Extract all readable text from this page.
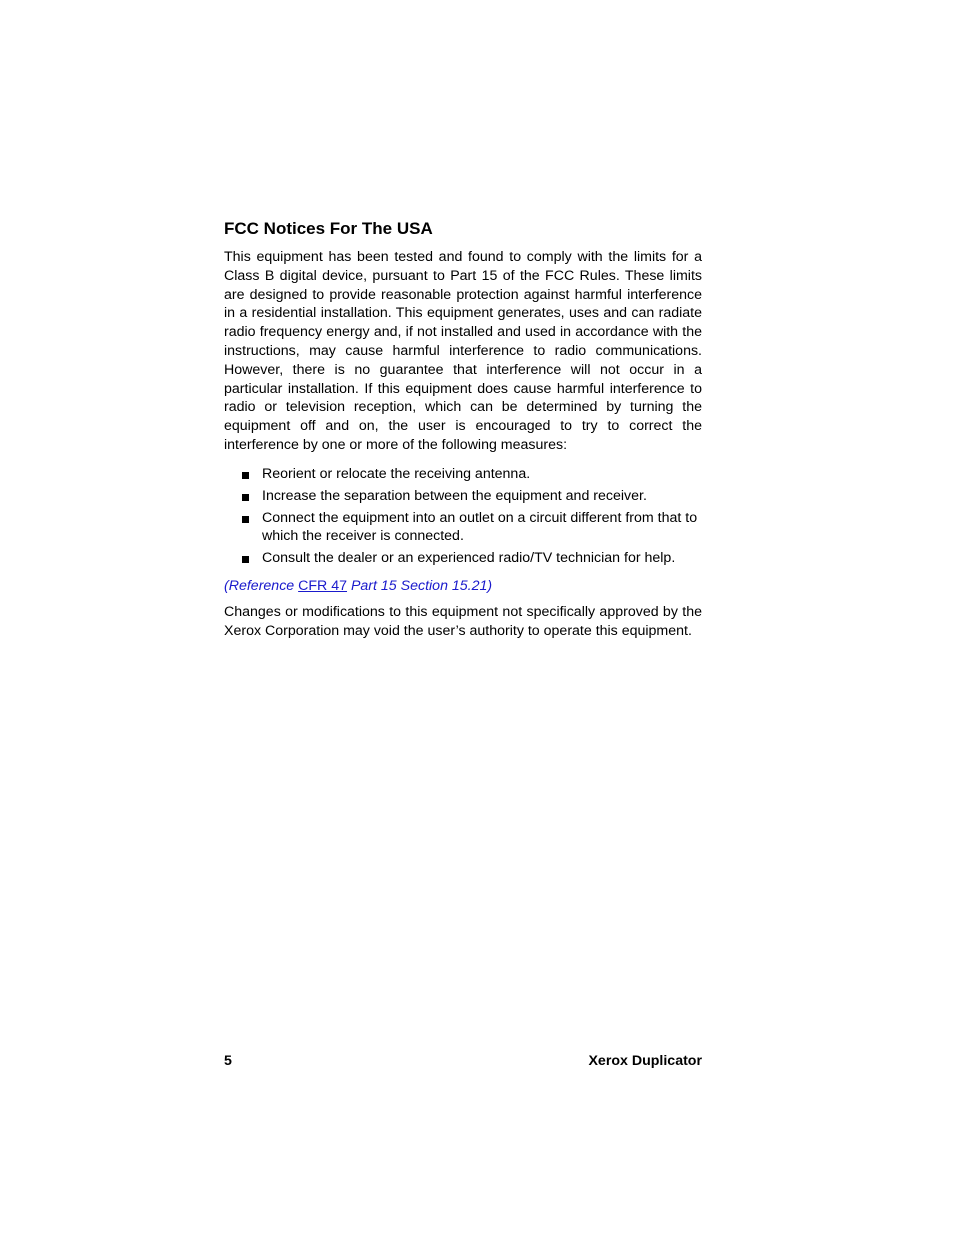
FCC Notices For The USA

This equipment has been tested and found to comply with the limits for a Class B digital device, pursuant to Part 15 of the FCC Rules. These limits are designed to provide reasonable protection against harmful interference in a residential installation. This equipment generates, uses and can radiate radio frequency energy and, if not installed and used in accordance with the instructions, may cause harmful interference to radio communications. However, there is no guarantee that interference will not occur in a particular installation. If this equipment does cause harmful interference to radio or television reception, which can be determined by turning the equipment off and on, the user is encouraged to try to correct the interference by one or more of the following measures:

Reorient or relocate the receiving antenna.
Increase the separation between the equipment and receiver.
Connect the equipment into an outlet on a circuit different from that to which the receiver is connected.
Consult the dealer or an experienced radio/TV technician for help.

(Reference CFR 47 Part 15 Section 15.21)

Changes or modifications to this equipment not specifically approved by the Xerox Corporation may void the user’s authority to operate this equipment.

5	Xerox Duplicator
